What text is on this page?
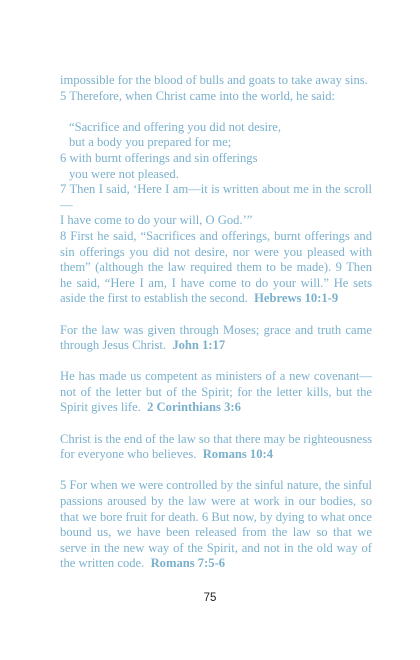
impossible for the blood of bulls and goats to take away sins.
5 Therefore, when Christ came into the world, he said:
“Sacrifice and offering you did not desire,
but a body you prepared for me;
6 with burnt offerings and sin offerings
you were not pleased.
7 Then I said, ‘Here I am—it is written about me in the scroll—
I have come to do your will, O God.’”
8 First he said, “Sacrifices and offerings, burnt offerings and sin offerings you did not desire, nor were you pleased with them” (although the law required them to be made). 9 Then he said, “Here I am, I have come to do your will.” He sets aside the first to establish the second. Hebrews 10:1-9
For the law was given through Moses; grace and truth came through Jesus Christ. John 1:17
He has made us competent as ministers of a new covenant—not of the letter but of the Spirit; for the letter kills, but the Spirit gives life. 2 Corinthians 3:6
Christ is the end of the law so that there may be righteousness for everyone who believes. Romans 10:4
5 For when we were controlled by the sinful nature, the sinful passions aroused by the law were at work in our bodies, so that we bore fruit for death. 6 But now, by dying to what once bound us, we have been released from the law so that we serve in the new way of the Spirit, and not in the old way of the written code. Romans 7:5-6
75
